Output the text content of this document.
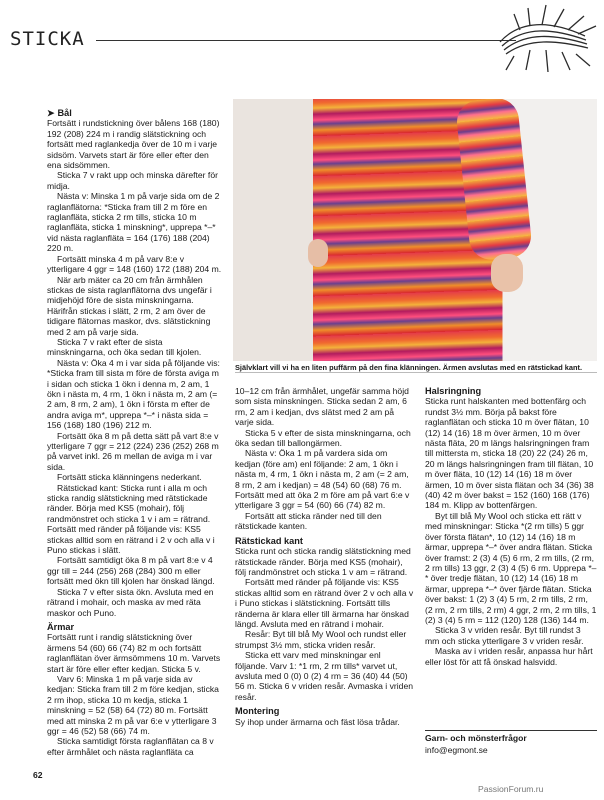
STICKA

➤ Bål

Fortsätt i rundstickning över bålens 168 (180) 192 (208) 224 m i randig slätstickning och fortsätt med raglankedja över de 10 m i varje sidsöm. Varvets start är före eller efter den ena sidsömmen.

Sticka 7 v rakt upp och minska därefter för midja.

Nästa v: Minska 1 m på varje sida om de 2 raglanflätorna: *Sticka fram till 2 m före en raglanfläta, sticka 2 rm tills, sticka 10 m raglanfläta, sticka 1 minskning*, upprepa *–* vid nästa raglanfläta = 164 (176) 188 (204) 220 m.

Fortsätt minska 4 m på varv 8:e v ytterligare 4 ggr = 148 (160) 172 (188) 204 m.

När arb mäter ca 20 cm från ärmhålen stickas de sista raglanflätorna dvs ungefär i midjehöjd före de sista minskningarna. Härifrån stickas i slätt, 2 rm, 2 am över de tidigare flätornas maskor, dvs. slätstickning med 2 am på varje sida.

Sticka 7 v rakt efter de sista minskningarna, och öka sedan till kjolen.

Nästa v: Öka 4 m i var sida på följande vis: *Sticka fram till sista m före de första aviga m i sidan och sticka 1 ökn i denna m, 2 am, 1 ökn i nästa m, 4 rm, 1 ökn i nästa m, 2 am (= 2 am, 8 rm, 2 am), 1 ökn i första m efter de andra aviga m*, upprepa *–* i nästa sida = 156 (168) 180 (196) 212 m.

Fortsätt öka 8 m på detta sätt på vart 8:e v ytterligare 7 ggr = 212 (224) 236 (252) 268 m på varvet inkl. 26 m mellan de aviga m i var sida.

Fortsätt sticka klänningens nederkant.

Rätstickad kant: Sticka runt i alla m och sticka randig slätstickning med rätstickade ränder. Börja med KS5 (mohair), följ randmönstret och sticka 1 v i am = rätrand. Fortsätt med ränder på följande vis: KS5 stickas alltid som en rätrand i 2 v och alla v i Puno stickas i slätt.

Fortsätt samtidigt öka 8 m på vart 8:e v 4 ggr till = 244 (256) 268 (284) 300 m eller fortsätt med ökn till kjolen har önskad längd.

Sticka 7 v efter sista ökn. Avsluta med en rätrand i mohair, och maska av med räta maskor och Puno.

Ärmar

Fortsätt runt i randig slätstickning över ärmens 54 (60) 66 (74) 82 m och fortsätt raglanflätan över ärmsömmens 10 m. Varvets start är före eller efter kedjan. Sticka 5 v.

Varv 6: Minska 1 m på varje sida av kedjan: Sticka fram till 2 m före kedjan, sticka 2 rm ihop, sticka 10 m kedja, sticka 1 minskning = 52 (58) 64 (72) 80 m. Fortsätt med att minska 2 m på var 6:e v ytterligare 3 ggr = 46 (52) 58 (66) 74 m.

Sticka samtidigt första raglanflätan ca 8 v efter ärmhålet och nästa raglanfläta ca

Självklart vill vi ha en liten puffärm på den fina klänningen. Ärmen avslutas med en rätstickad kant.

10–12 cm från ärmhålet, ungefär samma höjd som sista minskningen. Sticka sedan 2 am, 6 rm, 2 am i kedjan, dvs slätst med 2 am på varje sida.

Sticka 5 v efter de sista minskningarna, och öka sedan till ballongärmen.

Nästa v: Öka 1 m på vardera sida om kedjan (före am) enl följande: 2 am, 1 ökn i nästa m, 4 rm, 1 ökn i nästa m, 2 am (= 2 am, 8 rm, 2 am i kedjan) = 48 (54) 60 (68) 76 m. Fortsätt med att öka 2 m före am på vart 6:e v ytterligare 3 ggr = 54 (60) 66 (74) 82 m.

Fortsätt att sticka ränder ned till den rätstickade kanten.

Rätstickad kant

Sticka runt och sticka randig slätstickning med rätstickade ränder. Börja med KS5 (mohair), följ randmönstret och sticka 1 v am = rätrand.

Fortsätt med ränder på följande vis: KS5 stickas alltid som en rätrand över 2 v och alla v i Puno stickas i slätstickning. Fortsätt tills ränderna är klara eller till ärmarna har önskad längd. Avsluta med en rätrand i mohair.

Resår: Byt till blå My Wool och rundst eller strumpst 3½ mm, sticka vriden resår.

Sticka ett varv med minskningar enl följande. Varv 1: *1 rm, 2 rm tills* varvet ut, avsluta med 0 (0) 0 (2) 4 rm = 36 (40) 44 (50) 56 m. Sticka 6 v vriden resår. Avmaska i vriden resår.

Montering

Sy ihop under ärmarna och fäst lösa trådar.

Halsringning

Sticka runt halskanten med bottenfärg och rundst 3½ mm. Börja på bakst före raglanflätan och sticka 10 m över flätan, 10 (12) 14 (16) 18 m över ärmen, 10 m över nästa fläta, 20 m längs halsringningen fram till mittersta m, sticka 18 (20) 22 (24) 26 m, 20 m längs halsringningen fram till flätan, 10 m över fläta, 10 (12) 14 (16) 18 m över ärmen, 10 m över sista flätan och 34 (36) 38 (40) 42 m över bakst = 152 (160) 168 (176) 184 m. Klipp av bottenfärgen.

Byt till blå My Wool och sticka ett rätt v med minskningar: Sticka *(2 rm tills) 5 ggr över första flätan*, 10 (12) 14 (16) 18 m ärmar, upprepa *–* över andra flätan. Sticka över framst: 2 (3) 4 (5) 6 rm, 2 rm tills, (2 rm, 2 rm tills) 13 ggr, 2 (3) 4 (5) 6 rm. Upprepa *–* över tredje flätan, 10 (12) 14 (16) 18 m ärmar, upprepa *–* över fjärde flätan. Sticka över bakst: 1 (2) 3 (4) 5 rm, 2 rm tills, 2 rm, (2 rm, 2 rm tills, 2 rm) 4 ggr, 2 rm, 2 rm tills, 1 (2) 3 (4) 5 rm = 112 (120) 128 (136) 144 m.

Sticka 3 v vriden resår. Byt till rundst 3 mm och sticka ytterligare 3 v vriden resår.

Maska av i vriden resår, anpassa hur hårt eller löst för att få önskad halsvidd.

Garn- och mönsterfrågor
info@egmont.se
62
PassionForum.ru
